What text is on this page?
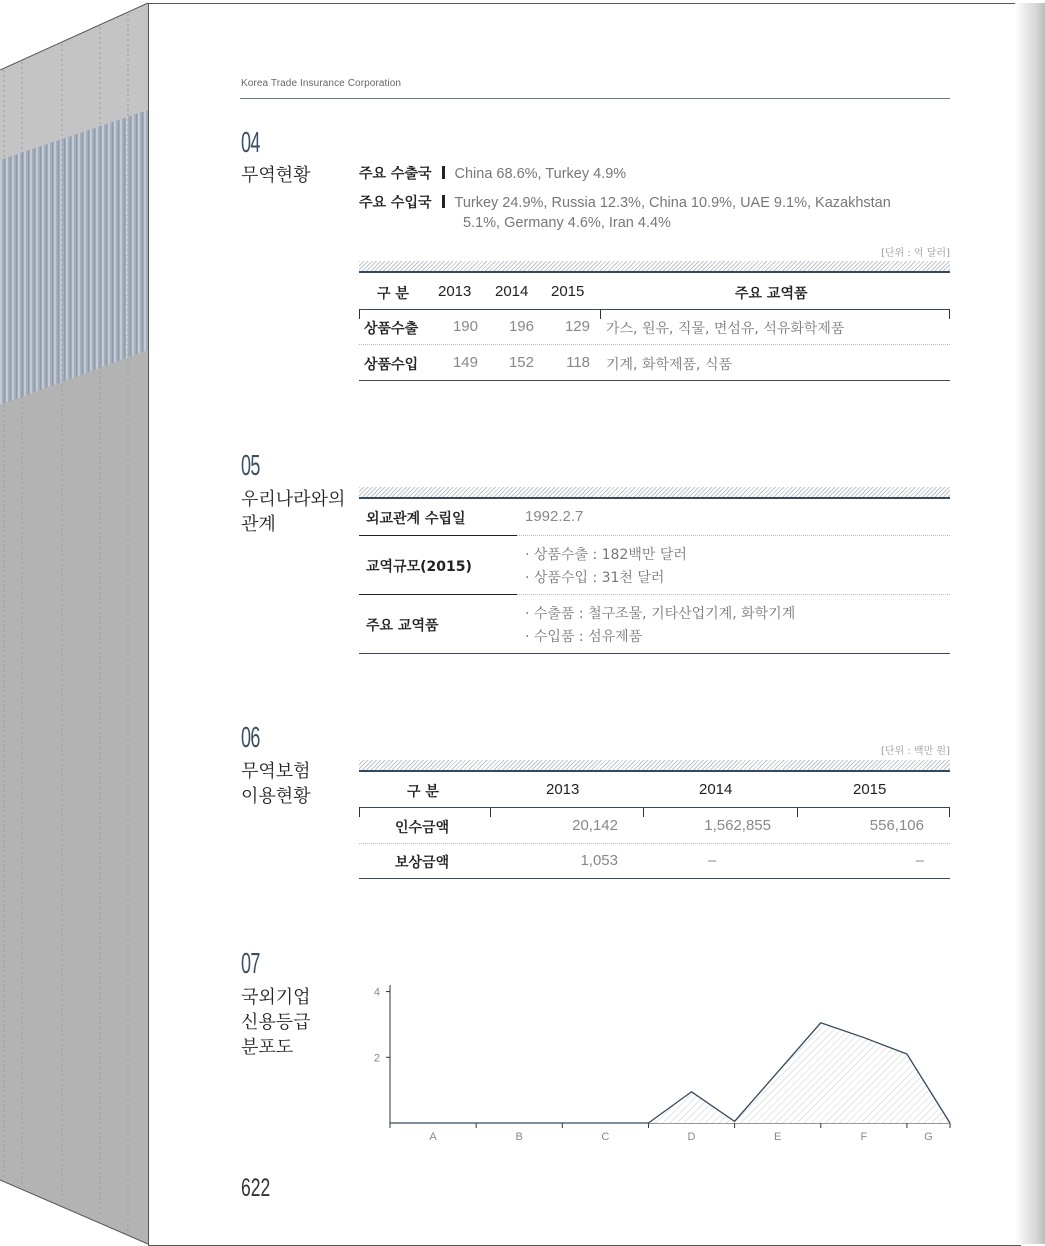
Korea Trade Insurance Corporation
04
무역현황	주요 수출국 China 68.6%, Turkey 4.9%
주요 수입국 Turkey 24.9%, Russia 12.3%, China 10.9%, UAE 9.1%, Kazakhstan
5.1%, Germany 4.6%, Iran 4.4%
[단위 : 억 달러]
구 분 2013 2014 2015	주요 교역품
상품수출	190	196	129 가스, 원유, 직물, 면섬유, 석유화학제품
상품수입	149	152	118 기계, 화학제품, 식품
05
우리나라와의
관계	외교관계 수립일	1992.2.7
교역규모(2015)
· 상품수출 : 182백만 달러
· 상품수입 : 31천 달러
주요 교역품
· 수출품 : 철구조물, 기타산업기계, 화학기계
· 수입품 : 섬유제품
06
무역보험
이용현황
[단위 : 백만 원]
구 분	2013	2014	2015
인수금액	20,142	1,562,855	556,106
보상금액	1,053	–	–
07
국외기업
신용등급
분포도
2
4
A	B	C	D	E	F	G
622
